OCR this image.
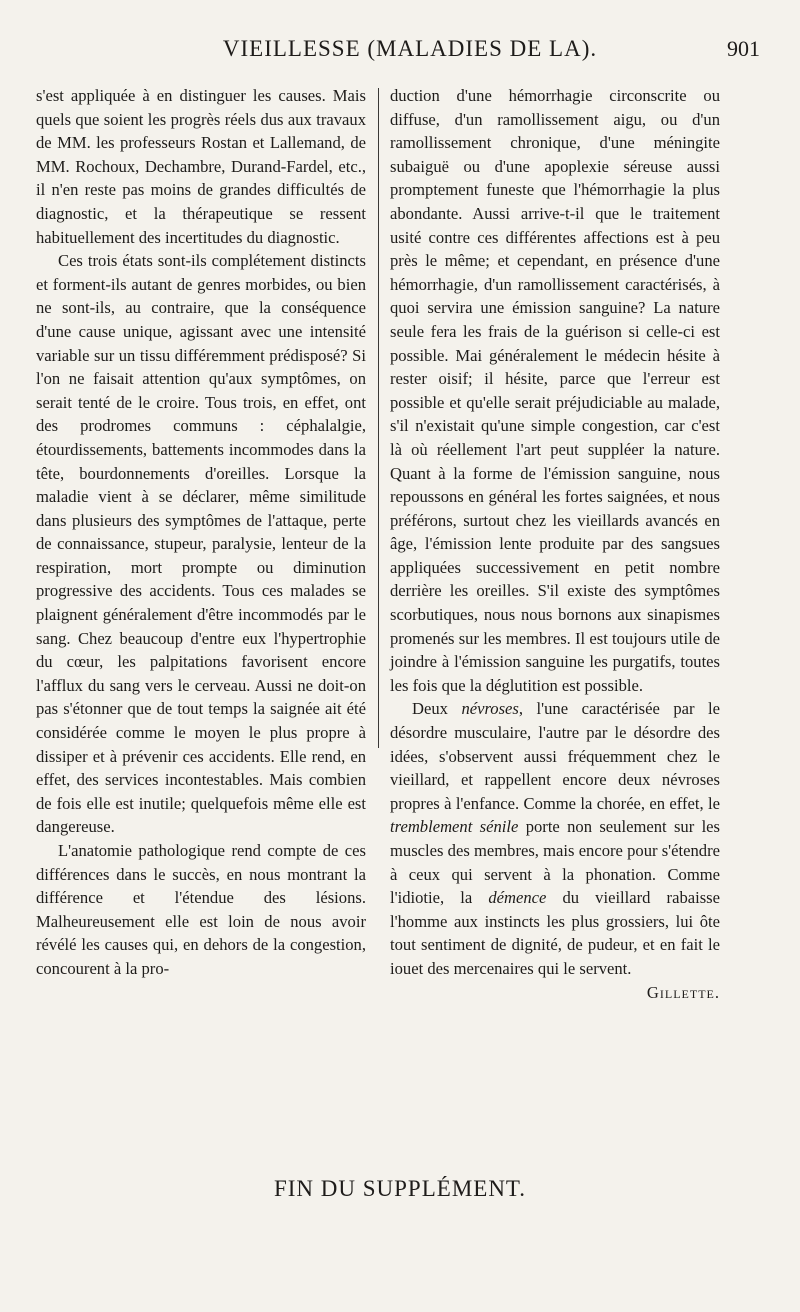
VIEILLESSE (MALADIES DE LA).	901

s'est appliquée à en distinguer les causes. Mais quels que soient les progrès réels dus aux travaux de MM. les professeurs Rostan et Lallemand, de MM. Rochoux, Dechambre, Durand-Fardel, etc., il n'en reste pas moins de grandes difficultés de diagnostic, et la thérapeutique se ressent habituellement des incertitudes du diagnostic.

Ces trois états sont-ils complétement distincts et forment-ils autant de genres morbides, ou bien ne sont-ils, au contraire, que la conséquence d'une cause unique, agissant avec une intensité variable sur un tissu différemment prédisposé? Si l'on ne faisait attention qu'aux symptômes, on serait tenté de le croire. Tous trois, en effet, ont des prodromes communs : céphalalgie, étourdissements, battements incommodes dans la tête, bourdonnements d'oreilles. Lorsque la maladie vient à se déclarer, même similitude dans plusieurs des symptômes de l'attaque, perte de connaissance, stupeur, paralysie, lenteur de la respiration, mort prompte ou diminution progressive des accidents. Tous ces malades se plaignent généralement d'être incommodés par le sang. Chez beaucoup d'entre eux l'hypertrophie du cœur, les palpitations favorisent encore l'afflux du sang vers le cerveau. Aussi ne doit-on pas s'étonner que de tout temps la saignée ait été considérée comme le moyen le plus propre à dissiper et à prévenir ces accidents. Elle rend, en effet, des services incontestables. Mais combien de fois elle est inutile; quelquefois même elle est dangereuse.

L'anatomie pathologique rend compte de ces différences dans le succès, en nous montrant la différence et l'étendue des lésions. Malheureusement elle est loin de nous avoir révélé les causes qui, en dehors de la congestion, concourent à la pro-

duction d'une hémorrhagie circonscrite ou diffuse, d'un ramollissement aigu, ou d'un ramollissement chronique, d'une méningite subaiguë ou d'une apoplexie séreuse aussi promptement funeste que l'hémorrhagie la plus abondante. Aussi arrive-t-il que le traitement usité contre ces différentes affections est à peu près le même; et cependant, en présence d'une hémorrhagie, d'un ramollissement caractérisés, à quoi servira une émission sanguine? La nature seule fera les frais de la guérison si celle-ci est possible. Mai généralement le médecin hésite à rester oisif; il hésite, parce que l'erreur est possible et qu'elle serait préjudiciable au malade, s'il n'existait qu'une simple congestion, car c'est là où réellement l'art peut suppléer la nature. Quant à la forme de l'émission sanguine, nous repoussons en général les fortes saignées, et nous préférons, surtout chez les vieillards avancés en âge, l'émission lente produite par des sangsues appliquées successivement en petit nombre derrière les oreilles. S'il existe des symptômes scorbutiques, nous nous bornons aux sinapismes promenés sur les membres. Il est toujours utile de joindre à l'émission sanguine les purgatifs, toutes les fois que la déglutition est possible.

Deux névroses, l'une caractérisée par le désordre musculaire, l'autre par le désordre des idées, s'observent aussi fréquemment chez le vieillard, et rappellent encore deux névroses propres à l'enfance. Comme la chorée, en effet, le tremblement sénile porte non seulement sur les muscles des membres, mais encore pour s'étendre à ceux qui servent à la phonation. Comme l'idiotie, la démence du vieillard rabaisse l'homme aux instincts les plus grossiers, lui ôte tout sentiment de dignité, de pudeur, et en fait le iouet des mercenaires qui le servent.
Gillette.

FIN DU SUPPLÉMENT.
